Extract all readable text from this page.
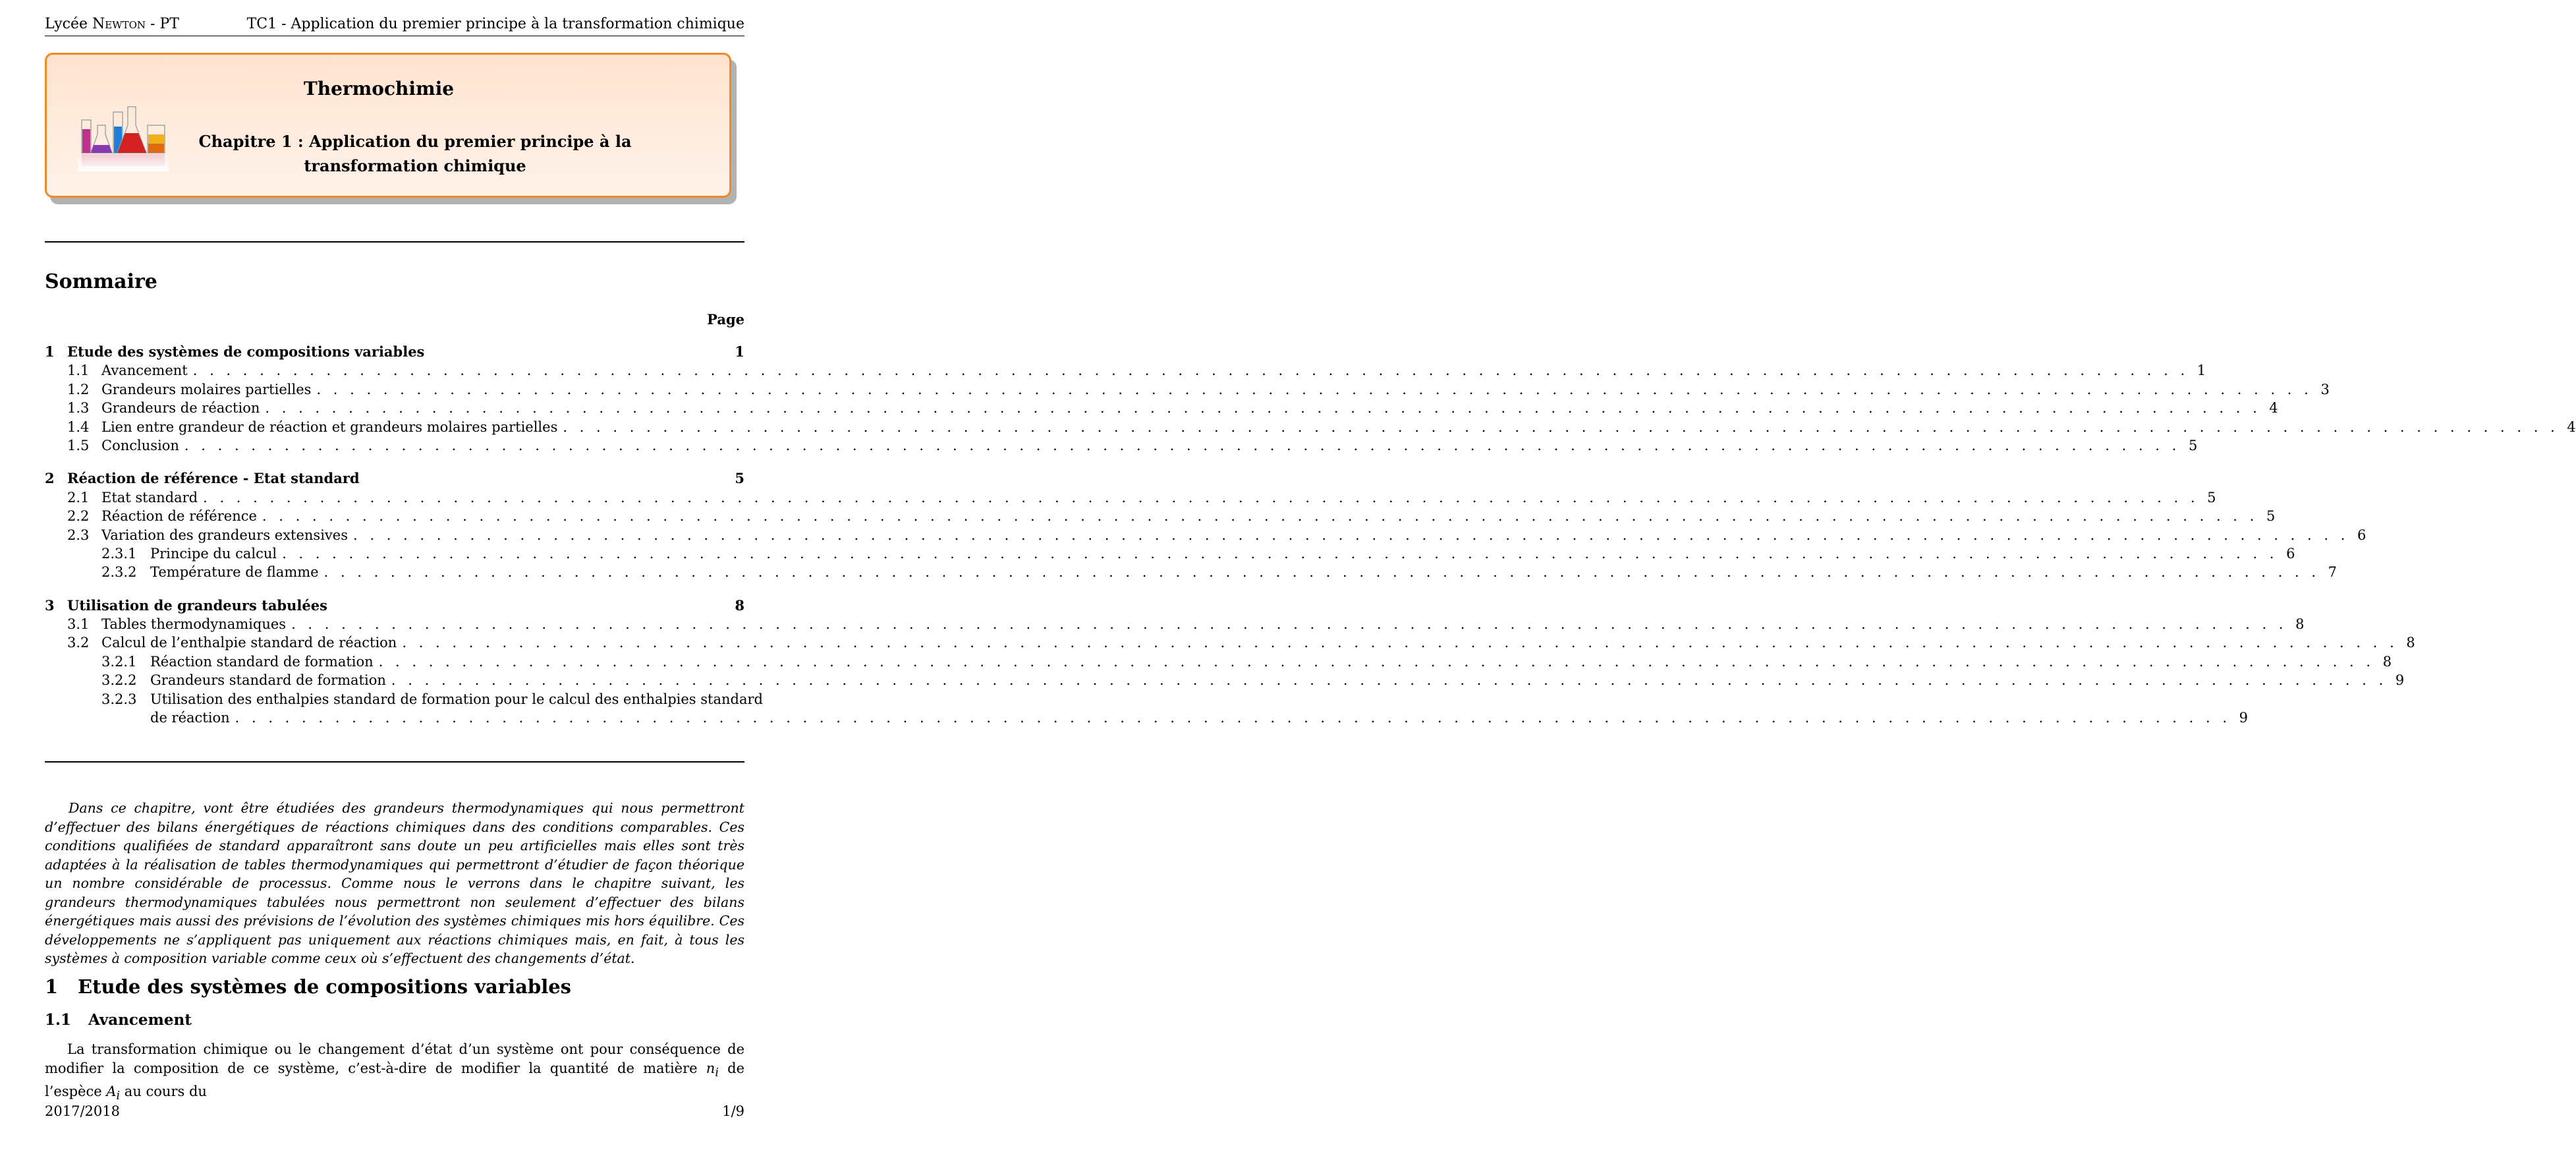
Lycée Newton - PT	TC1 - Application du premier principe à la transformation chimique
Thermochimie
Chapitre 1 : Application du premier principe à la transformation chimique
Sommaire
Page
1 Etude des systèmes de compositions variables	1
1.1 Avancement . . . . . . . . . . . . . . . . . . . . . . . . . . . . . . . . . . . . . . . . . . . . . . . . . . . . . . . . . . . . . . . . . . . . . . . . . . . . . . . . . . . . . . . . . . . . . . . . . . . . . . . . . . . . . . . . . . . . . . . . 1
1.2 Grandeurs molaires partielles . . . . . . . . . . . . . . . . . . . . . . . . . . . . . . . . . . . . . . . . . . . . . . . . . . . . . . . . . . . . . . . . . . . . . . . . . . . . . . . . . . . . . . . . . . . . . . . . . . . . . . . . . . . . . . . . . . . . . . . . 3
1.3 Grandeurs de réaction . . . . . . . . . . . . . . . . . . . . . . . . . . . . . . . . . . . . . . . . . . . . . . . . . . . . . . . . . . . . . . . . . . . . . . . . . . . . . . . . . . . . . . . . . . . . . . . . . . . . . . . . . . . . . . . . . . . . . . . . 4
1.4 Lien entre grandeur de réaction et grandeurs molaires partielles . . . . . . . . . . . . . . . . . . . . . . . . . . . . . . . . . . . . . . . . . . . . . . . . . . . . . . . . . . . . . . . . . . . . . . . . . . . . . . . . . . . . . . . . . . . . . . . . . . . . . . . . . . . . . . . . . . . . . . . . 4
1.5 Conclusion . . . . . . . . . . . . . . . . . . . . . . . . . . . . . . . . . . . . . . . . . . . . . . . . . . . . . . . . . . . . . . . . . . . . . . . . . . . . . . . . . . . . . . . . . . . . . . . . . . . . . . . . . . . . . . . . . . . . . . . . 5
2 Réaction de référence - Etat standard	5
2.1 Etat standard . . . . . . . . . . . . . . . . . . . . . . . . . . . . . . . . . . . . . . . . . . . . . . . . . . . . . . . . . . . . . . . . . . . . . . . . . . . . . . . . . . . . . . . . . . . . . . . . . . . . . . . . . . . . . . . . . . . . . . . . 5
2.2 Réaction de référence . . . . . . . . . . . . . . . . . . . . . . . . . . . . . . . . . . . . . . . . . . . . . . . . . . . . . . . . . . . . . . . . . . . . . . . . . . . . . . . . . . . . . . . . . . . . . . . . . . . . . . . . . . . . . . . . . . . . . . . . 5
2.3 Variation des grandeurs extensives . . . . . . . . . . . . . . . . . . . . . . . . . . . . . . . . . . . . . . . . . . . . . . . . . . . . . . . . . . . . . . . . . . . . . . . . . . . . . . . . . . . . . . . . . . . . . . . . . . . . . . . . . . . . . . . . . . . . . . . . 6
2.3.1 Principe du calcul . . . . . . . . . . . . . . . . . . . . . . . . . . . . . . . . . . . . . . . . . . . . . . . . . . . . . . . . . . . . . . . . . . . . . . . . . . . . . . . . . . . . . . . . . . . . . . . . . . . . . . . . . . . . . . . . . . . . . . . . 6
2.3.2 Température de flamme . . . . . . . . . . . . . . . . . . . . . . . . . . . . . . . . . . . . . . . . . . . . . . . . . . . . . . . . . . . . . . . . . . . . . . . . . . . . . . . . . . . . . . . . . . . . . . . . . . . . . . . . . . . . . . . . . . . . . . . . 7
3 Utilisation de grandeurs tabulées	8
3.1 Tables thermodynamiques . . . . . . . . . . . . . . . . . . . . . . . . . . . . . . . . . . . . . . . . . . . . . . . . . . . . . . . . . . . . . . . . . . . . . . . . . . . . . . . . . . . . . . . . . . . . . . . . . . . . . . . . . . . . . . . . . . . . . . . . 8
3.2 Calcul de l’enthalpie standard de réaction . . . . . . . . . . . . . . . . . . . . . . . . . . . . . . . . . . . . . . . . . . . . . . . . . . . . . . . . . . . . . . . . . . . . . . . . . . . . . . . . . . . . . . . . . . . . . . . . . . . . . . . . . . . . . . . . . . . . . . . . 8
3.2.1 Réaction standard de formation . . . . . . . . . . . . . . . . . . . . . . . . . . . . . . . . . . . . . . . . . . . . . . . . . . . . . . . . . . . . . . . . . . . . . . . . . . . . . . . . . . . . . . . . . . . . . . . . . . . . . . . . . . . . . . . . . . . . . . . . 8
3.2.2 Grandeurs standard de formation . . . . . . . . . . . . . . . . . . . . . . . . . . . . . . . . . . . . . . . . . . . . . . . . . . . . . . . . . . . . . . . . . . . . . . . . . . . . . . . . . . . . . . . . . . . . . . . . . . . . . . . . . . . . . . . . . . . . . . . . 9
3.2.3 Utilisation des enthalpies standard de formation pour le calcul des enthalpies standard
de réaction . . . . . . . . . . . . . . . . . . . . . . . . . . . . . . . . . . . . . . . . . . . . . . . . . . . . . . . . . . . . . . . . . . . . . . . . . . . . . . . . . . . . . . . . . . . . . . . . . . . . . . . . . . . . . . . . . . . . . . . . 9
Dans ce chapitre, vont être étudiées des grandeurs thermodynamiques qui nous permettront d’effectuer des bilans énergétiques de réactions chimiques dans des conditions comparables. Ces conditions qualifiées de standard apparaîtront sans doute un peu artificielles mais elles sont très adaptées à la réalisation de tables thermodynamiques qui permettront d’étudier de façon théorique un nombre considérable de processus. Comme nous le verrons dans le chapitre suivant, les grandeurs thermodynamiques tabulées nous permettront non seulement d’effectuer des bilans énergétiques mais aussi des prévisions de l’évolution des systèmes chimiques mis hors équilibre. Ces développements ne s’appliquent pas uniquement aux réactions chimiques mais, en fait, à tous les systèmes à composition variable comme ceux où s’effectuent des changements d’état.
1 Etude des systèmes de compositions variables
1.1 Avancement
La transformation chimique ou le changement d’état d’un système ont pour conséquence de modifier la composition de ce système, c’est-à-dire de modifier la quantité de matière $n_i$ de l’espèce $A_i$ au cours du
2017/2018	1/9
